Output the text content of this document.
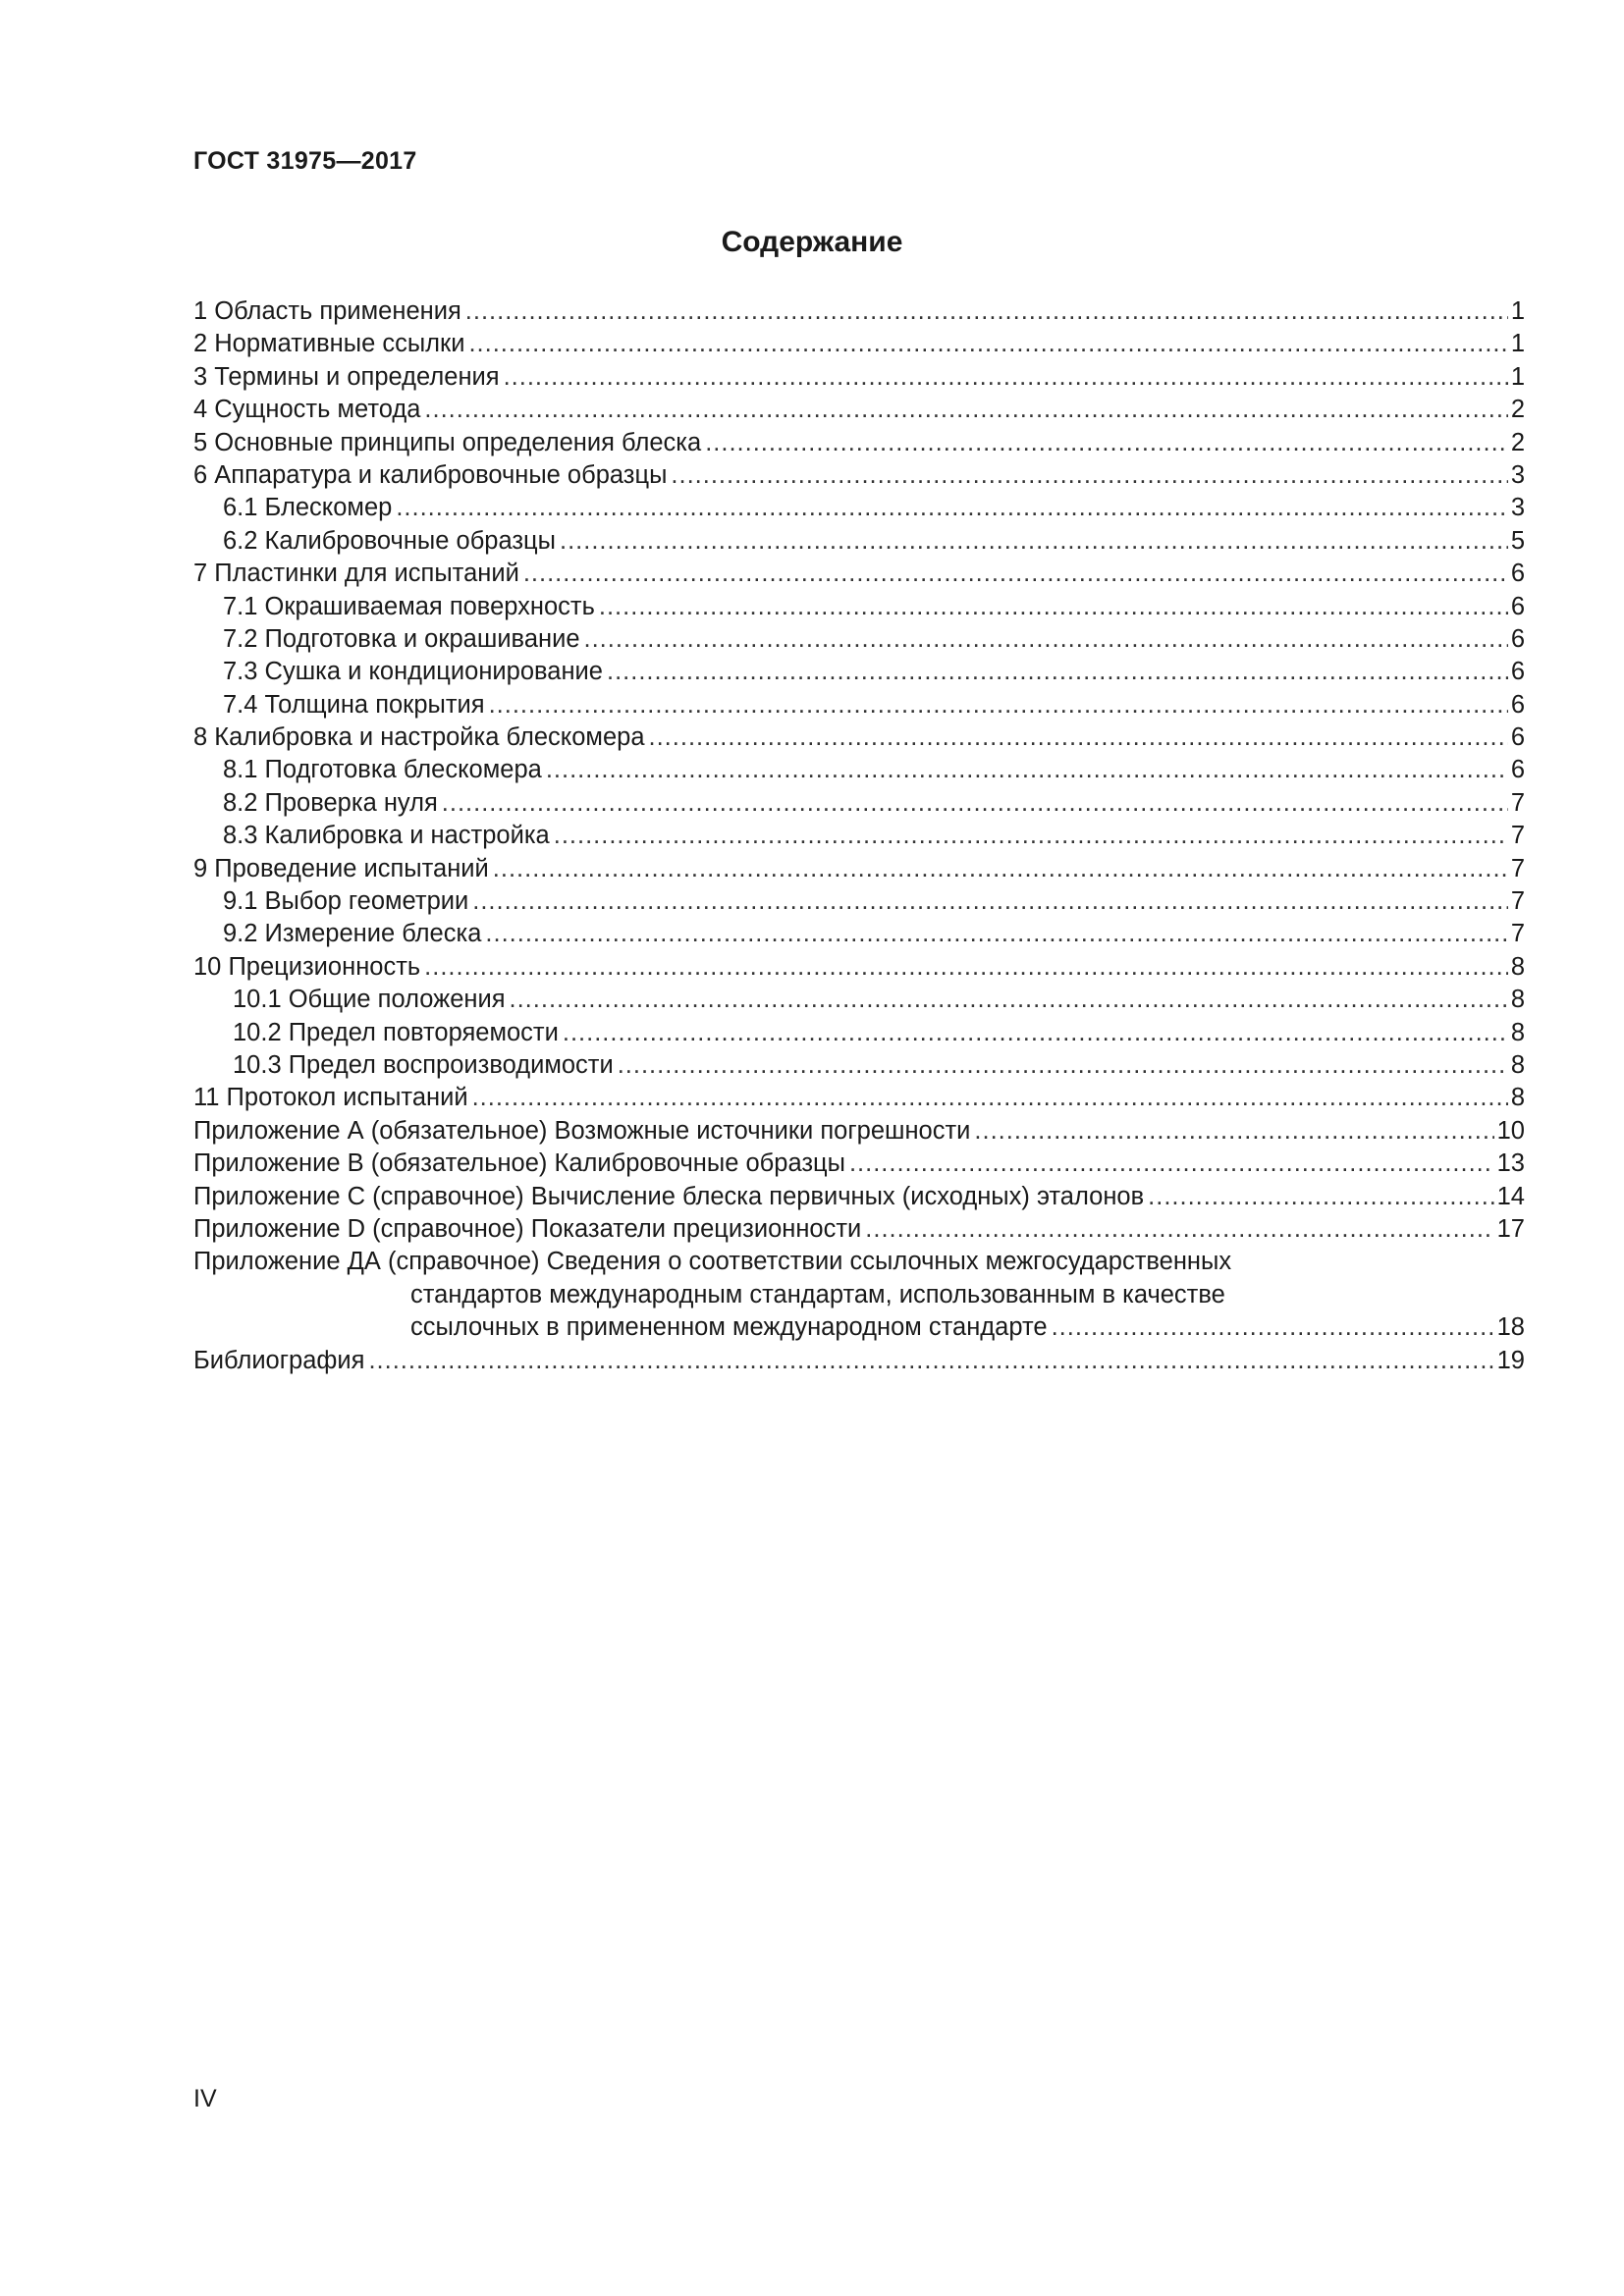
ГОСТ 31975—2017
Содержание
1 Область применения .....	1
2 Нормативные ссылки .....	1
3 Термины и определения .....	1
4 Сущность метода .....	2
5 Основные принципы определения блеска .....	2
6 Аппаратура и калибровочные образцы .....	3
6.1 Блескомер .....	3
6.2 Калибровочные образцы .....	5
7 Пластинки для испытаний .....	6
7.1 Окрашиваемая поверхность .....	6
7.2 Подготовка и окрашивание .....	6
7.3 Сушка и кондиционирование .....	6
7.4 Толщина покрытия .....	6
8 Калибровка и настройка блескомера .....	6
8.1 Подготовка блескомера .....	6
8.2 Проверка нуля .....	7
8.3 Калибровка и настройка .....	7
9 Проведение испытаний .....	7
9.1 Выбор геометрии .....	7
9.2 Измерение блеска .....	7
10 Прецизионность .....	8
10.1 Общие положения .....	8
10.2 Предел повторяемости .....	8
10.3 Предел воспроизводимости .....	8
11 Протокол испытаний .....	8
Приложение А (обязательное) Возможные источники погрешности .....	10
Приложение В (обязательное) Калибровочные образцы .....	13
Приложение С (справочное) Вычисление блеска первичных (исходных) эталонов .....	14
Приложение D (справочное) Показатели прецизионности .....	17
Приложение ДА (справочное) Сведения о соответствии ссылочных межгосударственных
стандартов международным стандартам, использованным в качестве
ссылочных в примененном международном стандарте .....	18
Библиография .....	19
IV
